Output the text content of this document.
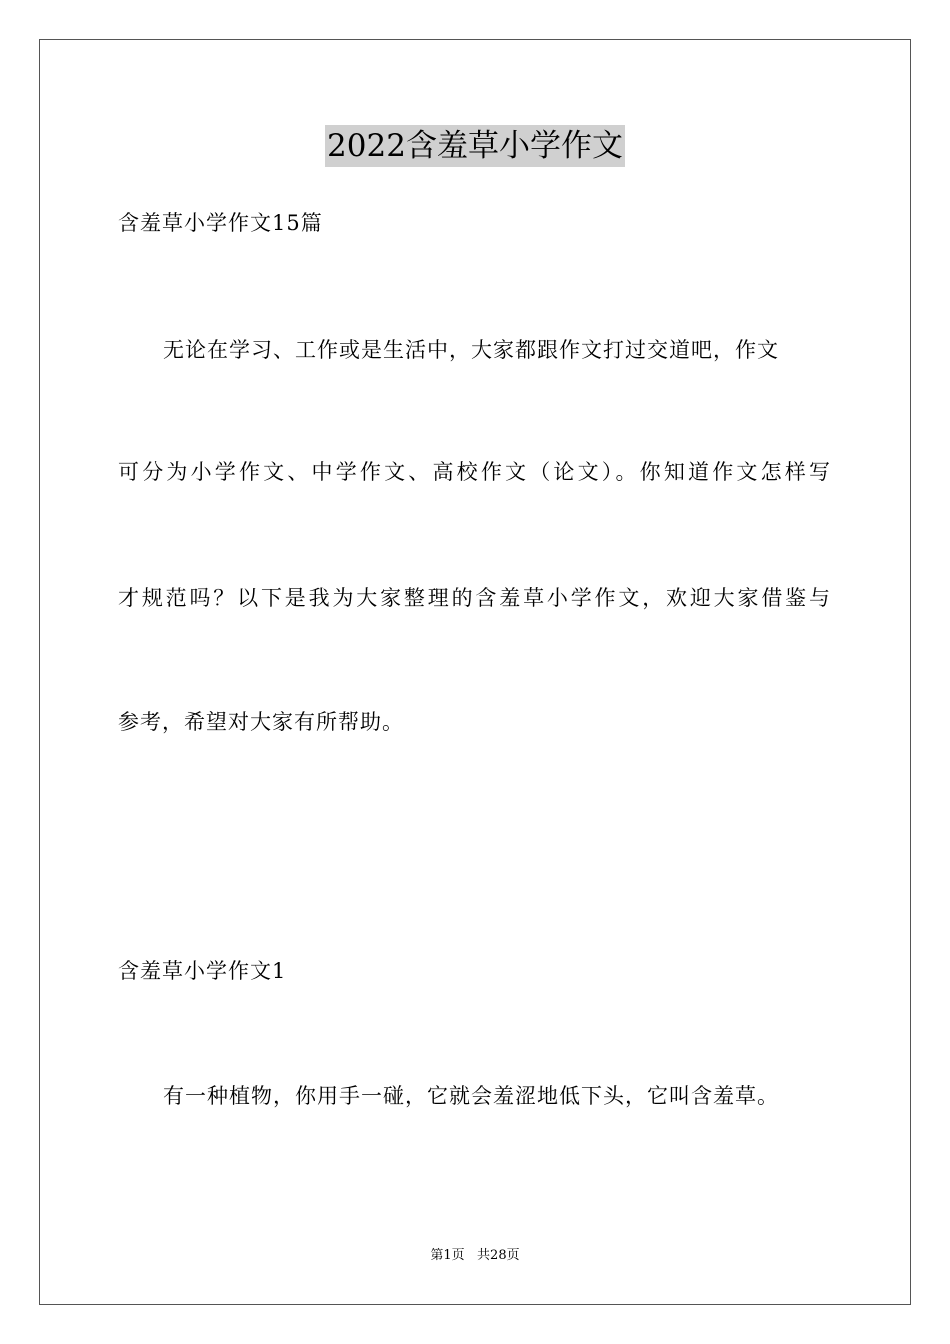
2022含羞草小学作文
含羞草小学作文15篇
无论在学习、工作或是生活中，大家都跟作文打过交道吧，作文
可分为小学作文、中学作文、高校作文（论文）。你知道作文怎样写
才规范吗？以下是我为大家整理的含羞草小学作文，欢迎大家借鉴与
参考，希望对大家有所帮助。
含羞草小学作文1
有一种植物，你用手一碰，它就会羞涩地低下头，它叫含羞草。
第1页   共28页
